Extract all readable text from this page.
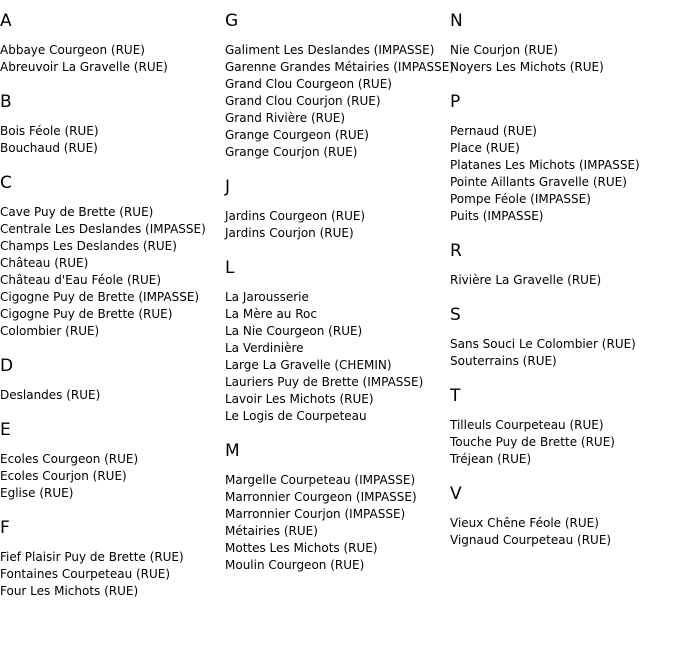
A
Abbaye Courgeon (RUE)
Abreuvoir La Gravelle (RUE)
B
Bois Féole (RUE)
Bouchaud (RUE)
C
Cave Puy de Brette (RUE)
Centrale Les Deslandes (IMPASSE)
Champs Les Deslandes (RUE)
Château (RUE)
Château d'Eau Féole (RUE)
Cigogne Puy de Brette (IMPASSE)
Cigogne Puy de Brette (RUE)
Colombier (RUE)
D
Deslandes (RUE)
E
Ecoles Courgeon (RUE)
Ecoles Courjon (RUE)
Eglise (RUE)
F
Fief Plaisir Puy de Brette (RUE)
Fontaines Courpeteau (RUE)
Four Les Michots (RUE)
G
Galiment Les Deslandes (IMPASSE)
Garenne Grandes Métairies (IMPASSE)
Grand Clou Courgeon (RUE)
Grand Clou Courjon (RUE)
Grand Rivière (RUE)
Grange Courgeon (RUE)
Grange Courjon (RUE)
J
Jardins Courgeon (RUE)
Jardins Courjon (RUE)
L
La Jarousserie
La Mère au Roc
La Nie Courgeon (RUE)
La Verdinière
Large La Gravelle (CHEMIN)
Lauriers Puy de Brette (IMPASSE)
Lavoir Les Michots (RUE)
Le Logis de Courpeteau
M
Margelle Courpeteau (IMPASSE)
Marronnier Courgeon (IMPASSE)
Marronnier Courjon (IMPASSE)
Métairies (RUE)
Mottes Les Michots (RUE)
Moulin Courgeon (RUE)
N
Nie Courjon (RUE)
Noyers Les Michots (RUE)
P
Pernaud (RUE)
Place (RUE)
Platanes Les Michots (IMPASSE)
Pointe Aillants Gravelle (RUE)
Pompe Féole (IMPASSE)
Puits (IMPASSE)
R
Rivière La Gravelle (RUE)
S
Sans Souci Le Colombier (RUE)
Souterrains (RUE)
T
Tilleuls Courpeteau (RUE)
Touche Puy de Brette (RUE)
Tréjean (RUE)
V
Vieux Chêne Féole (RUE)
Vignaud Courpeteau (RUE)
